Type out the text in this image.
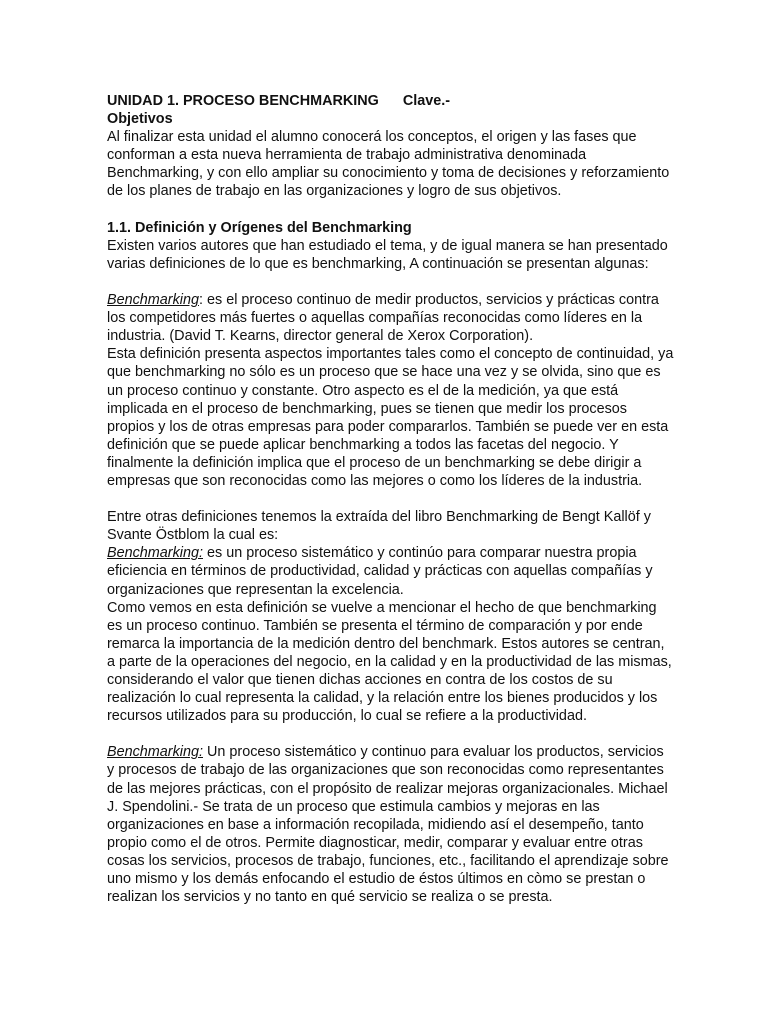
UNIDAD 1. PROCESO BENCHMARKING Clave.-
Objetivos
Al finalizar esta unidad el alumno conocerá los conceptos, el origen y las fases que
conforman a esta nueva herramienta de trabajo administrativa denominada
Benchmarking, y con ello ampliar su conocimiento y toma de decisiones y reforzamiento
de los planes de trabajo en las organizaciones y logro de sus objetivos.
1.1. Definición y Orígenes del Benchmarking
Existen varios autores que han estudiado el tema, y de igual manera se han presentado
varias definiciones de lo que es benchmarking, A continuación se presentan algunas:
Benchmarking: es el proceso continuo de medir productos, servicios y prácticas contra
los competidores más fuertes o aquellas compañías reconocidas como líderes en la
industria. (David T. Kearns, director general de Xerox Corporation).
Esta definición presenta aspectos importantes tales como el concepto de continuidad, ya
que benchmarking no sólo es un proceso que se hace una vez y se olvida, sino que es
un proceso continuo y constante. Otro aspecto es el de la medición, ya que está
implicada en el proceso de benchmarking, pues se tienen que medir los procesos
propios y los de otras empresas para poder compararlos. También se puede ver en esta
definición que se puede aplicar benchmarking a todos las facetas del negocio. Y
finalmente la definición implica que el proceso de un benchmarking se debe dirigir a
empresas que son reconocidas como las mejores o como los líderes de la industria.
Entre otras definiciones tenemos la extraída del libro Benchmarking de Bengt Kallöf y
Svante Östblom la cual es:
Benchmarking: es un proceso sistemático y continúo para comparar nuestra propia
eficiencia en términos de productividad, calidad y prácticas con aquellas compañías y
organizaciones que representan la excelencia.
Como vemos en esta definición se vuelve a mencionar el hecho de que benchmarking
es un proceso continuo. También se presenta el término de comparación y por ende
remarca la importancia de la medición dentro del benchmark. Estos autores se centran,
a parte de la operaciones del negocio, en la calidad y en la productividad de las mismas,
considerando el valor que tienen dichas acciones en contra de los costos de su
realización lo cual representa la calidad, y la relación entre los bienes producidos y los
recursos utilizados para su producción, lo cual se refiere a la productividad.
Benchmarking: Un proceso sistemático y continuo para evaluar los productos, servicios
y procesos de trabajo de las organizaciones que son reconocidas como representantes
de las mejores prácticas, con el propósito de realizar mejoras organizacionales. Michael
J. Spendolini.- Se trata de un proceso que estimula cambios y mejoras en las
organizaciones en base a información recopilada, midiendo así el desempeño, tanto
propio como el de otros. Permite diagnosticar, medir, comparar y evaluar entre otras
cosas los servicios, procesos de trabajo, funciones, etc., facilitando el aprendizaje sobre
uno mismo y los demás enfocando el estudio de éstos últimos en còmo se prestan o
realizan los servicios y no tanto en qué servicio se realiza o se presta.
